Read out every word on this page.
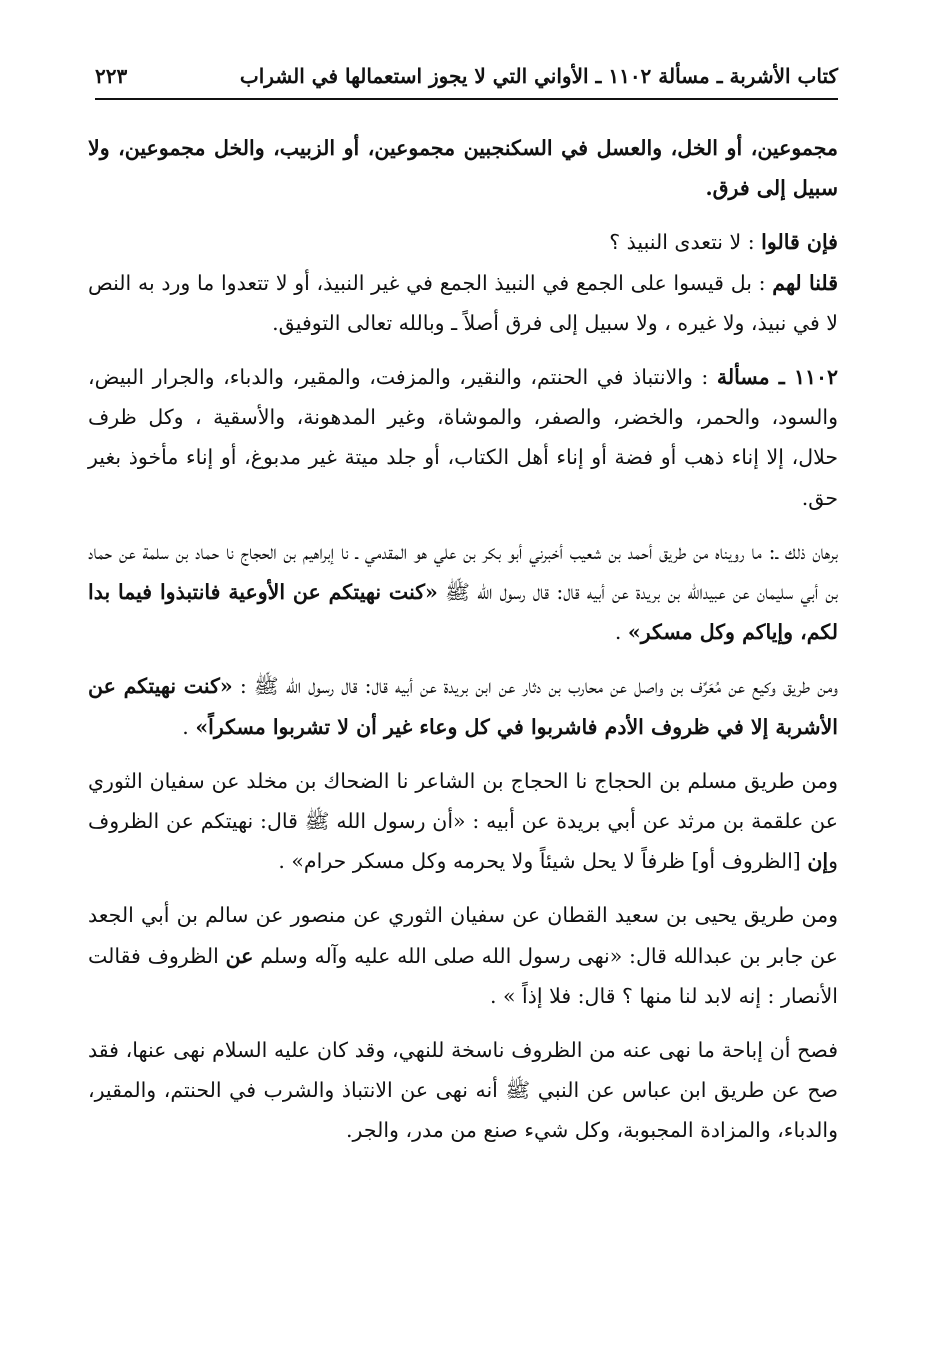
كتاب الأشربة ـ مسألة ١١٠٢ ـ الأواني التي لا يجوز استعمالها في الشراب
٢٢٣

مجموعين، أو الخل، والعسل في السكنجبين مجموعين، أو الزبيب، والخل مجموعين، ولا سبيل إلى فرق.

فإن قالوا : لا نتعدى النبيذ ؟

قلنا لهم : بل قيسوا على الجمع في النبيذ الجمع في غير النبيذ، أو لا تتعدوا ما ورد به النص لا في نبيذ، ولا غيره ، ولا سبيل إلى فرق أصلاً ـ وبالله تعالى التوفيق.

١١٠٢ ـ مسألة : والانتباذ في الحنتم، والنقير، والمزفت، والمقير، والدباء، والجرار البيض، والسود، والحمر، والخضر، والصفر، والموشاة، وغير المدهونة، والأسقية ، وكل ظرف حلال، إلا إناء ذهب أو فضة أو إناء أهل الكتاب، أو جلد ميتة غير مدبوغ، أو إناء مأخوذ بغير حق.

برهان ذلك ـ: ما رويناه من طريق أحمد بن شعيب أخبرني أبو بكر بن علي هو المقدمي ـ نا إبراهيم بن الحجاج نا حماد بن سلمة عن حماد بن أبي سليمان عن عبيدالله بن بريدة عن أبيه قال: قال رسول الله ﷺ «كنت نهيتكم عن الأوعية فانتبذوا فيما بدا لكم، وإياكم وكل مسكر» .

ومن طريق وكيع عن مُعَرِّف بن واصل عن محارب بن دثار عن ابن بريدة عن أبيه قال: قال رسول الله ﷺ : «كنت نهيتكم عن الأشربة إلا في ظروف الأدم فاشربوا في كل وعاء غير أن لا تشربوا مسكراً» .

ومن طريق مسلم بن الحجاج نا الحجاج بن الشاعر نا الضحاك بن مخلد عن سفيان الثوري عن علقمة بن مرثد عن أبي بريدة عن أبيه : «أن رسول الله ﷺ قال: نهيتكم عن الظروف وإن [الظروف أ‌و] ظرفاً لا يحل شيئاً ولا يحرمه وكل مسكر حرام» .

ومن طريق يحيى بن سعيد القطان عن سفيان الثوري عن منصور عن سالم بن أبي الجعد عن جابر بن عبدالله قال: «نهى رسول الله صلى الله عليه وآله وسلم عن الظروف فقالت الأنصار : إنه لابد لنا منها ؟ قال: فلا إذاً » .

فصح أن إباحة ما نهى عنه من الظروف ناسخة للنهي، وقد كان عليه السلام نهى عنها، فقد صح عن طريق ابن عباس عن النبي ﷺ أنه نهى عن الانتباذ والشرب في الحنتم، والمقير، والدباء، والمزادة المجبوبة، وكل شيء صنع من مدر، والجر.
